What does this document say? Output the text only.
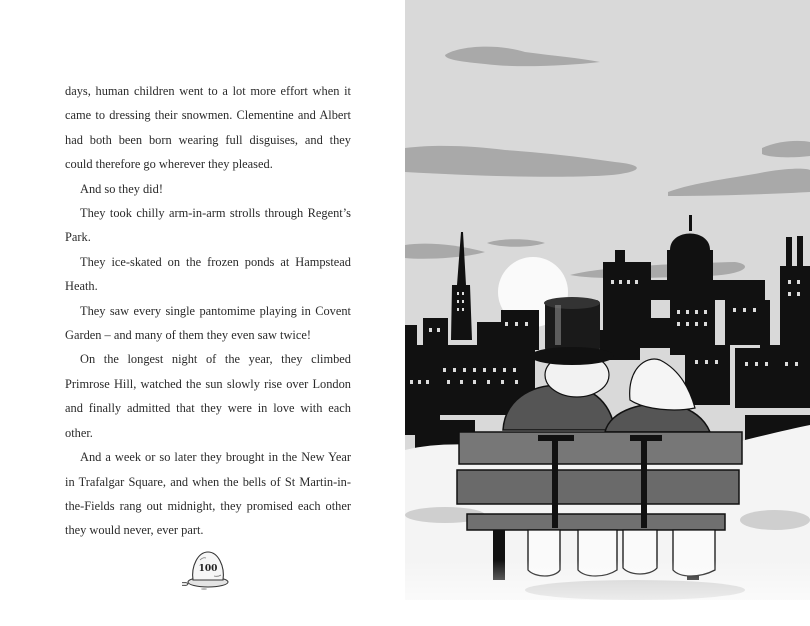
days, human children went to a lot more effort when it came to dressing their snowmen. Clementine and Albert had both been born wearing full disguises, and they could therefore go wherever they pleased.

And so they did!

They took chilly arm-in-arm strolls through Regent’s Park.

They ice-skated on the frozen ponds at Hampstead Heath.

They saw every single pantomime playing in Covent Garden – and many of them they even saw twice!

On the longest night of the year, they climbed Primrose Hill, watched the sun slowly rise over London and finally admitted that they were in love with each other.

And a week or so later they brought in the New Year in Trafalgar Square, and when the bells of St Martin-in-the-Fields rang out midnight, they promised each other they would never, ever part.

100
